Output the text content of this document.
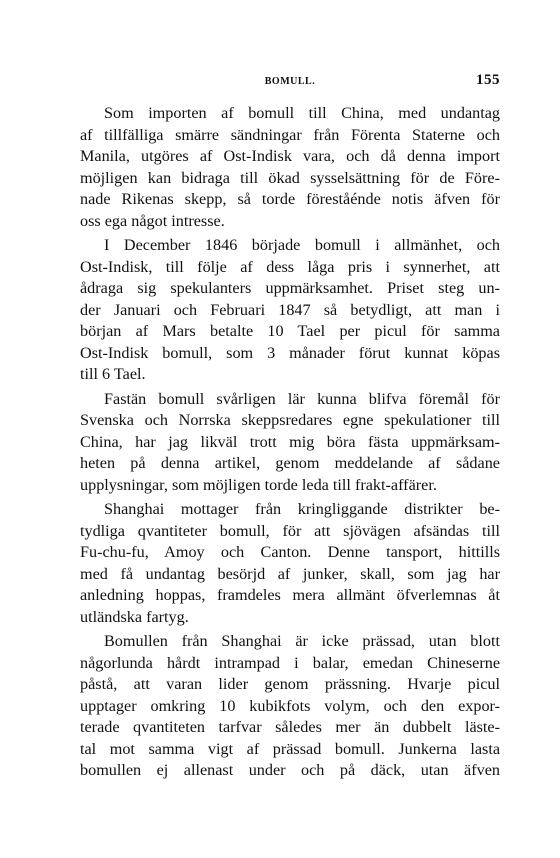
BOMULL.	155

Som importen af bomull till China, med undantag
af tillfälliga smärre sändningar från Förenta Staterne och
Manila, utgöres af Ost-Indisk vara, och då denna import
möjligen kan bidraga till ökad sysselsättning för de Före-
nade Rikenas skepp, så torde föreståénde notis äfven för
oss ega något intresse.

I December 1846 började bomull i allmänhet, och
Ost-Indisk, till följe af dess låga pris i synnerhet, att
ådraga sig spekulanters uppmärksamhet. Priset steg un-
der Januari och Februari 1847 så betydligt, att man i
början af Mars betalte 10 Tael per picul för samma
Ost-Indisk bomull, som 3 månader förut kunnat köpas
till 6 Tael.

Fastän bomull svårligen lär kunna blifva föremål för
Svenska och Norrska skeppsredares egne spekulationer till
China, har jag likväl trott mig böra fästa uppmärksam-
heten på denna artikel, genom meddelande af sådane
upplysningar, som möjligen torde leda till frakt-affärer.

Shanghai mottager från kringliggande distrikter be-
tydliga qvantiteter bomull, för att sjövägen afsändas till
Fu-chu-fu, Amoy och Canton. Denne tansport, hittills
med få undantag besörjd af junker, skall, som jag har
anledning hoppas, framdeles mera allmänt öfverlemnas åt
utländska fartyg.

Bomullen från Shanghai är icke prässad, utan blott
någorlunda hårdt intrampad i balar, emedan Chineserne
påstå, att varan lider genom prässning. Hvarje picul
upptager omkring 10 kubikfots volym, och den expor-
terade qvantiteten tarfvar således mer än dubbelt läste-
tal mot samma vigt af prässad bomull. Junkerna lasta
bomullen ej allenast under och på däck, utan äfven
